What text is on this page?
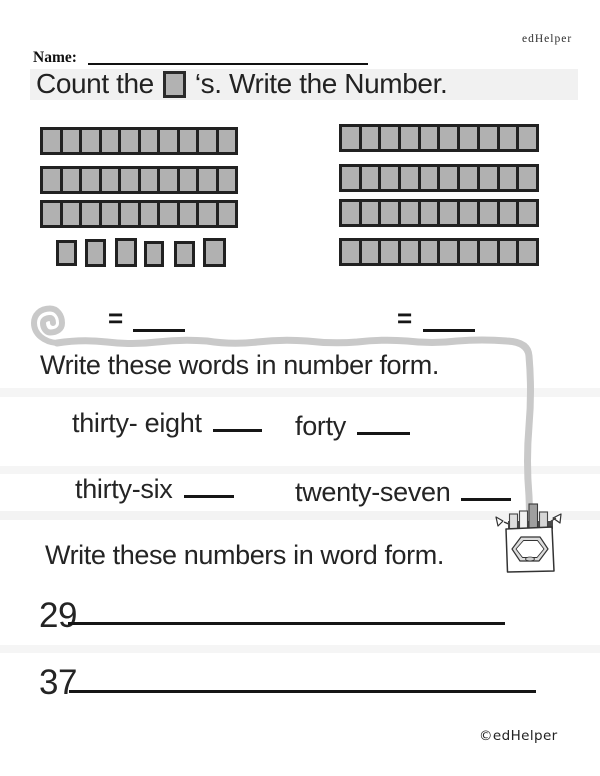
edHelper
Name:
Count the ‘s. Write the Number.
=	=
Write these words in number form.
thirty- eight	forty
thirty-six	twenty-seven
Write these numbers in word form.
29
37
©edHelper
